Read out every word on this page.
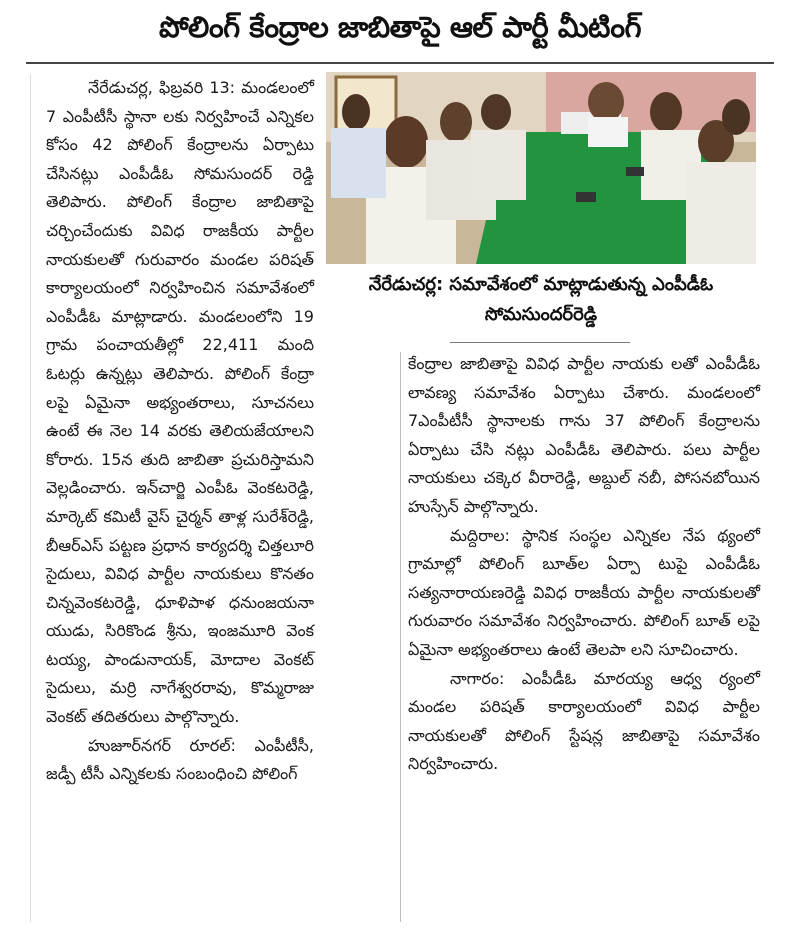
పోలింగ్ కేంద్రాల జాబితాపై ఆల్ పార్టీ మీటింగ్

నేరేడుచర్ల, ఫిబ్రవరి 13: మండలంలో 7 ఎంపీటీసీ స్థానా లకు నిర్వహించే ఎన్నికల కోసం 42 పోలింగ్ కేంద్రాలను ఏర్పాటు చేసినట్లు ఎంపీడీఓ సోమసుందర్ రెడ్డి తెలిపారు. పోలింగ్ కేంద్రాల జాబితాపై చర్చించేందుకు వివిధ రాజకీయ పార్టీల నాయకులతో గురువారం మండల పరిషత్ కార్యాలయంలో నిర్వహించిన సమావేశంలో ఎంపీడీఓ మాట్లాడారు. మండలంలోని 19 గ్రామ పంచాయతీల్లో 22,411 మంది ఓటర్లు ఉన్నట్లు తెలిపారు. పోలింగ్ కేంద్రా లపై ఏమైనా అభ్యంతరాలు, సూచనలు ఉంటే ఈ నెల 14 వరకు తెలియజేయాలని కోరారు. 15న తుది జాబితా ప్రచురిస్తామని వెల్లడించారు. ఇన్‌చార్జి ఎంపీఓ వెంకటరెడ్డి, మార్కెట్ కమిటీ వైస్ చైర్మన్ తాళ్ల సురేశ్‌రెడ్డి, బీఆర్ఎస్ పట్టణ ప్రధాన కార్యదర్శి చిత్తలూరి సైదులు, వివిధ పార్టీల నాయకులు కొనతం చిన్నవెంకటరెడ్డి, ధూళిపాళ ధనుంజయనా యుడు, సిరికొండ శ్రీను, ఇంజమూరి వెంక టయ్య, పాండునాయక్, మోదాల వెంకట్ సైదులు, మర్రి నాగేశ్వరరావు, కొమ్మరాజు వెంకట్ తదితరులు పాల్గొన్నారు.

హుజూర్‌నగర్ రూరల్: ఎంపీటీసీ, జడ్పీ టీసీ ఎన్నికలకు సంబంధించి పోలింగ్

నేరేడుచర్ల: సమావేశంలో మాట్లాడుతున్న ఎంపీడీఓ
సోమసుందర్‌రెడ్డి

కేంద్రాల జాబితాపై వివిధ పార్టీల నాయకు లతో ఎంపీడీఓ లావణ్య సమావేశం ఏర్పాటు చేశారు. మండలంలో 7ఎంపీటీసీ స్థానాలకు గాను 37 పోలింగ్ కేంద్రాలను ఏర్పాటు చేసి నట్లు ఎంపీడీఓ తెలిపారు. పలు పార్టీల నాయకులు చక్కెర వీరారెడ్డి, అబ్దుల్ నబీ, పోసనబోయిన హుస్సేన్ పాల్గొన్నారు.

మద్దిరాల: స్థానిక సంస్థల ఎన్నికల నేప థ్యంలో గ్రామాల్లో పోలింగ్ బూత్‌ల ఏర్పా టుపై ఎంపీడీఓ సత్యనారాయణరెడ్డి వివిధ రాజకీయ పార్టీల నాయకులతో గురువారం సమావేశం నిర్వహించారు. పోలింగ్ బూత్ లపై ఏమైనా అభ్యంతరాలు ఉంటే తెలపా లని సూచించారు.

నాగారం: ఎంపీడీఓ మారయ్య ఆధ్వ ర్యంలో మండల పరిషత్ కార్యాలయంలో వివిధ పార్టీల నాయకులతో పోలింగ్ స్టేషన్ల జాబితాపై సమావేశం నిర్వహించారు.
